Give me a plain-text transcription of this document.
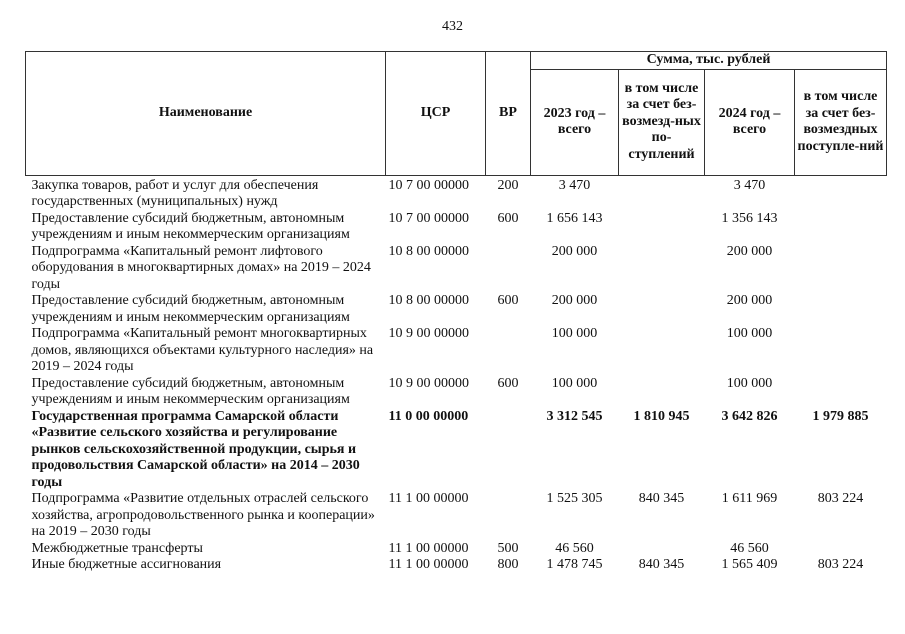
432
Наименование	ЦСР	ВР	Сумма, тыс. рублей			
			2023 год – всего	в том числе за счет без-возмезд-ных по-ступлений	2024 год – всего	в том числе за счет без-возмездных поступле-ний
Закупка товаров, работ и услуг для обеспечения государственных (муниципальных) нужд	10 7 00 00000	200	3 470		3 470	
Предоставление субсидий бюджетным, автономным учреждениям и иным некоммерческим организациям	10 7 00 00000	600	1 656 143		1 356 143	
Подпрограмма «Капитальный ремонт лифтового оборудования в многоквартирных домах» на 2019 – 2024 годы	10 8 00 00000		200 000		200 000	
Предоставление субсидий бюджетным, автономным учреждениям и иным некоммерческим организациям	10 8 00 00000	600	200 000		200 000	
Подпрограмма «Капитальный ремонт многоквартирных домов, являющихся объектами культурного наследия» на 2019 – 2024 годы	10 9 00 00000		100 000		100 000	
Предоставление субсидий бюджетным, автономным учреждениям и иным некоммерческим организациям	10 9 00 00000	600	100 000		100 000	
Государственная программа Самарской области «Развитие сельского хозяйства и регулирование рынков сельскохозяйственной продукции, сырья и продовольствия Самарской области» на 2014 – 2030 годы	11 0 00 00000		3 312 545	1 810 945	3 642 826	1 979 885
Подпрограмма «Развитие отдельных отраслей сельского хозяйства, агропродовольственного рынка и кооперации» на 2019 – 2030 годы	11 1 00 00000		1 525 305	840 345	1 611 969	803 224
Межбюджетные трансферты	11 1 00 00000	500	46 560		46 560	
Иные бюджетные ассигнования	11 1 00 00000	800	1 478 745	840 345	1 565 409	803 224
